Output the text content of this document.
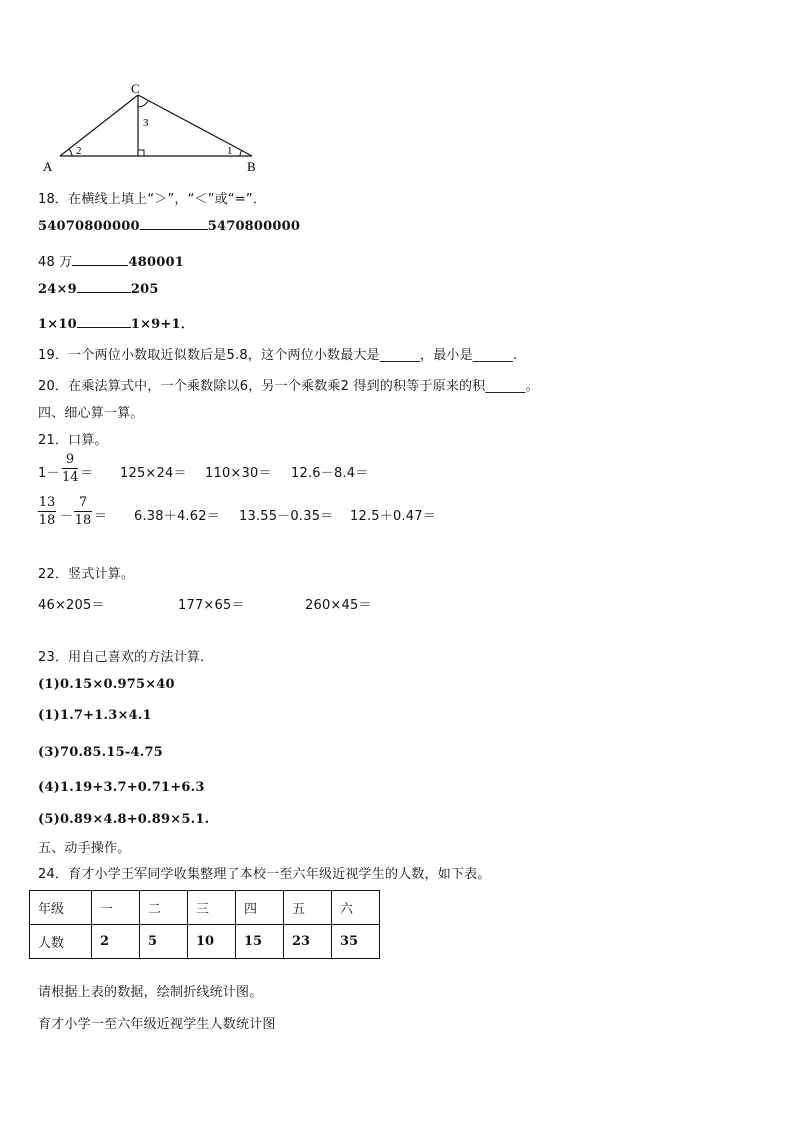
C
A	B
2	1
3
18．在横线上填上“＞”，“＜”或“=”．
54070800000	5470800000
48 万	480001
24×9	205
1×10	1×9+1．
19．一个两位小数取近似数后是5.8，这个两位小数最大是______，最小是______.
20．在乘法算式中，一个乘数除以6，另一个乘数乘2 得到的积等于原来的积______。
四、细心算一算。
21．口算。
1－
9
14 ＝ 125×24＝ 110×30＝ 12.6－8.4＝
13
18 －
7
18 ＝ 6.38＋4.62＝ 13.55－0.35＝ 12.5＋0.47＝
22．竖式计算。
46×205＝	177×65＝	260×45＝
23．用自己喜欢的方法计算．
(1)0.15×0.975×40
(1)1.7+1.3×4.1
(3)70.85.15-4.75
(4)1.19+3.7+0.71+6.3
(5)0.89×4.8+0.89×5.1.
五、动手操作。
24．育才小学王军同学收集整理了本校一至六年级近视学生的人数，如下表。
年级	一	二	三	四	五	六
人数	2	5	10	15	23	35
请根据上表的数据，绘制折线统计图。
育才小学一至六年级近视学生人数统计图
